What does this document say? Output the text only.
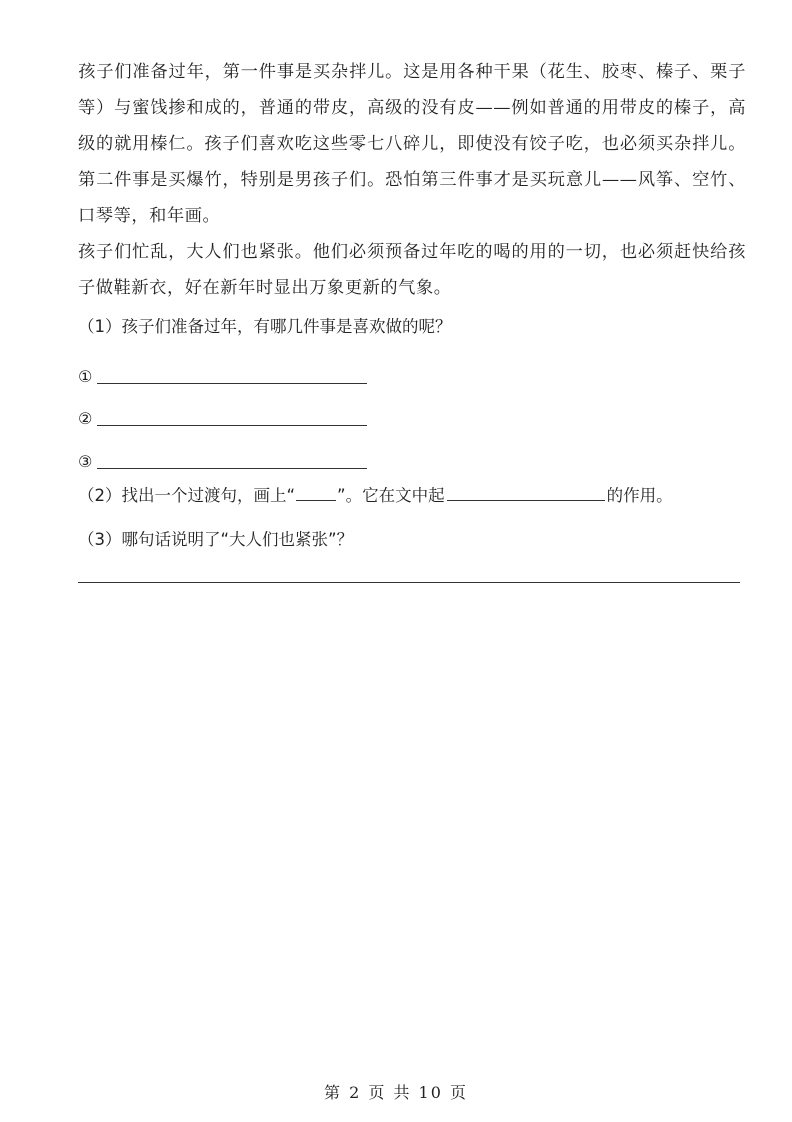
孩子们准备过年，第一件事是买杂拌儿。这是用各种干果（花生、胶枣、榛子、栗子等）与蜜饯掺和成的，普通的带皮，高级的没有皮——例如普通的用带皮的榛子，高级的就用榛仁。孩子们喜欢吃这些零七八碎儿，即使没有饺子吃，也必须买杂拌儿。第二件事是买爆竹，特别是男孩子们。恐怕第三件事才是买玩意儿——风筝、空竹、口琴等，和年画。

孩子们忙乱，大人们也紧张。他们必须预备过年吃的喝的用的一切，也必须赶快给孩子做鞋新衣，好在新年时显出万象更新的气象。

（1）孩子们准备过年，有哪几件事是喜欢做的呢？
①
②
③
（2）找出一个过渡句，画上“	”。它在文中起	的作用。
（3）哪句话说明了“大人们也紧张”？
第 2 页 共 10 页
